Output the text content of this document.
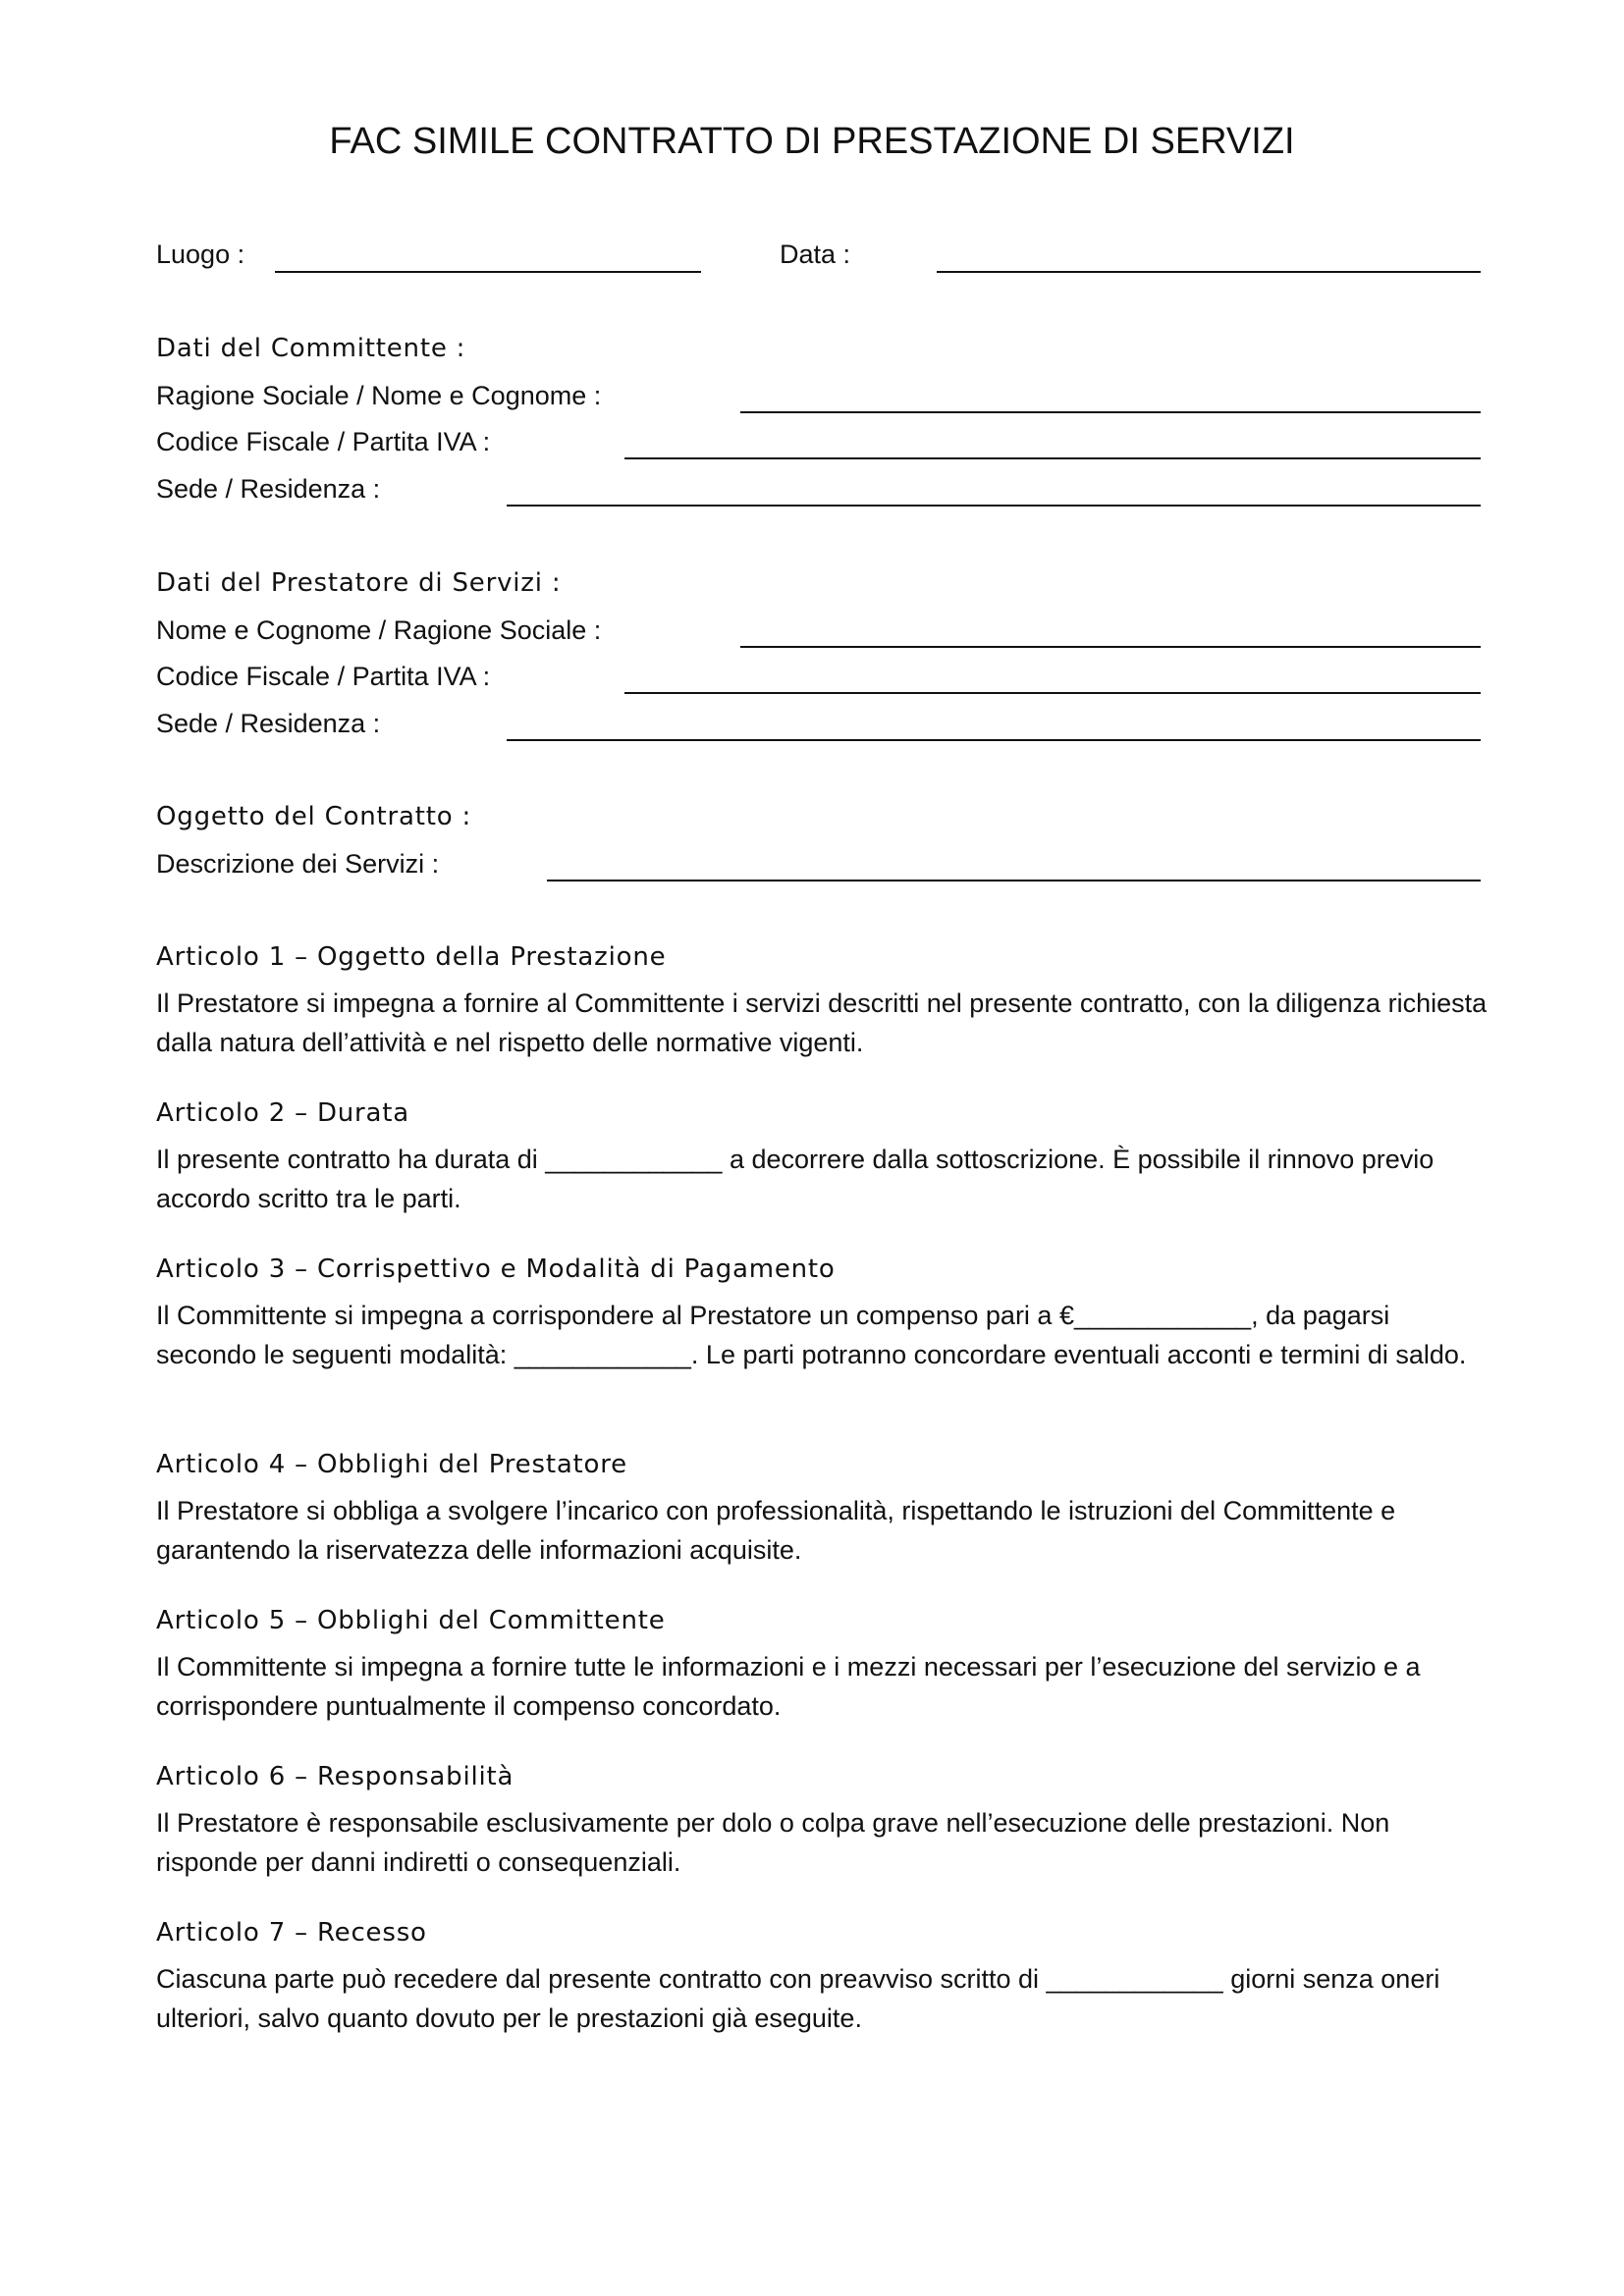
FAC SIMILE CONTRATTO DI PRESTAZIONE DI SERVIZI
Luogo :	Data :
Dati del Committente :
Ragione Sociale / Nome e Cognome :
Codice Fiscale / Partita IVA :
Sede / Residenza :
Dati del Prestatore di Servizi :
Nome e Cognome / Ragione Sociale :
Codice Fiscale / Partita IVA :
Sede / Residenza :
Oggetto del Contratto :
Descrizione dei Servizi :
Articolo 1 – Oggetto della Prestazione
Il Prestatore si impegna a fornire al Committente i servizi descritti nel presente contratto, con la diligenza richiesta dalla natura dell’attività e nel rispetto delle normative vigenti.
Articolo 2 – Durata
Il presente contratto ha durata di ____________ a decorrere dalla sottoscrizione. È possibile il rinnovo previo accordo scritto tra le parti.
Articolo 3 – Corrispettivo e Modalità di Pagamento
Il Committente si impegna a corrispondere al Prestatore un compenso pari a €____________, da pagarsi secondo le seguenti modalità: ____________. Le parti potranno concordare eventuali acconti e termini di saldo.
Articolo 4 – Obblighi del Prestatore
Il Prestatore si obbliga a svolgere l’incarico con professionalità, rispettando le istruzioni del Committente e garantendo la riservatezza delle informazioni acquisite.
Articolo 5 – Obblighi del Committente
Il Committente si impegna a fornire tutte le informazioni e i mezzi necessari per l’esecuzione del servizio e a corrispondere puntualmente il compenso concordato.
Articolo 6 – Responsabilità
Il Prestatore è responsabile esclusivamente per dolo o colpa grave nell’esecuzione delle prestazioni. Non risponde per danni indiretti o consequenziali.
Articolo 7 – Recesso
Ciascuna parte può recedere dal presente contratto con preavviso scritto di ____________ giorni senza oneri ulteriori, salvo quanto dovuto per le prestazioni già eseguite.
